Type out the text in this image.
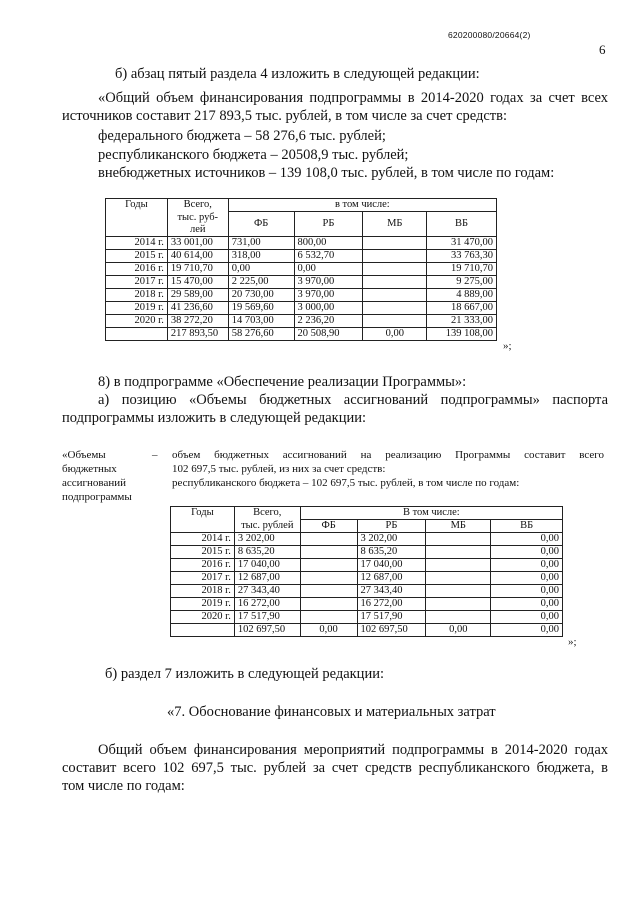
620200080/20664(2)
6
б) абзац пятый раздела 4 изложить в следующей редакции:
«Общий объем финансирования подпрограммы в 2014-2020 годах за счет всех
источников составит 217 893,5 тыс. рублей, в том числе за счет средств:
федерального бюджета – 58 276,6 тыс. рублей;
республиканского бюджета – 20508,9 тыс. рублей;
внебюджетных источников – 139 108,0 тыс. рублей, в том числе по годам:
Годы	Всего,	в том числе:			
	тыс. руб-	ФБ	РБ	МБ	ВБ
	лей				
2014 г.	33 001,00	731,00	800,00		31 470,00
2015 г.	40 614,00	318,00	6 532,70		33 763,30
2016 г.	19 710,70	0,00	0,00		19 710,70
2017 г.	15 470,00	2 225,00	3 970,00		9 275,00
2018 г.	29 589,00	20 730,00	3 970,00		4 889,00
2019 г.	41 236,60	19 569,60	3 000,00		18 667,00
2020 г.	38 272,20	14 703,00	2 236,20		21 333,00
	217 893,50	58 276,60	20 508,90	0,00	139 108,00
»;
8) в подпрограмме «Обеспечение реализации Программы»:
а) позицию «Объемы бюджетных ассигнований подпрограммы» паспорта
подпрограммы изложить в следующей редакции:
«Объемы
бюджетных
ассигнований
подпрограммы
– объем бюджетных ассигнований на реализацию Программы составит всего
102 697,5 тыс. рублей, из них за счет средств:
республиканского бюджета – 102 697,5 тыс. рублей, в том числе по годам:
Годы	Всего,	В том числе:			
	тыс. рублей	ФБ	РБ	МБ	ВБ
2014 г.	3 202,00		3 202,00		0,00
2015 г.	8 635,20		8 635,20		0,00
2016 г.	17 040,00		17 040,00		0,00
2017 г.	12 687,00		12 687,00		0,00
2018 г.	27 343,40		27 343,40		0,00
2019 г.	16 272,00		16 272,00		0,00
2020 г.	17 517,90		17 517,90		0,00
	102 697,50	0,00	102 697,50	0,00	0,00
»;
б) раздел 7 изложить в следующей редакции:
«7. Обоснование финансовых и материальных затрат
Общий объем финансирования мероприятий подпрограммы в 2014-2020 годах
составит всего 102 697,5 тыс. рублей за счет средств республиканского бюджета, в
том числе по годам:
